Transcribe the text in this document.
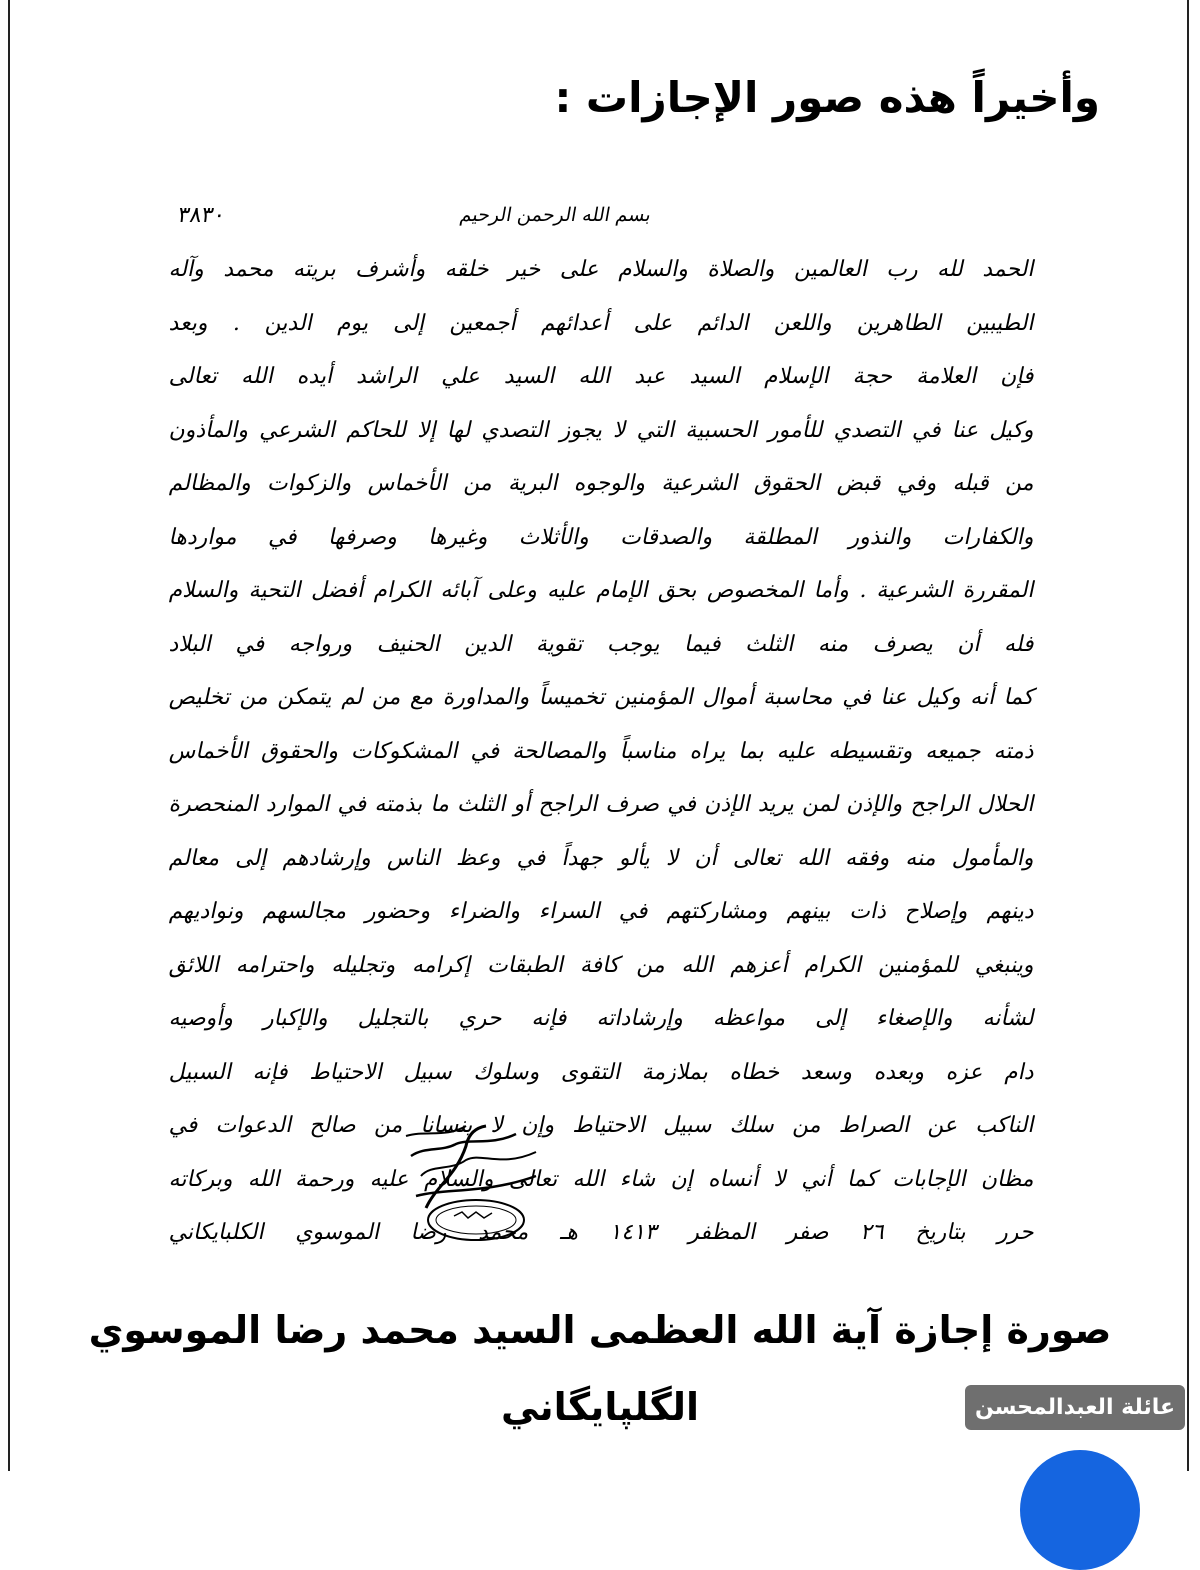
وأخيراً هذه صور الإجازات :
٣٨٣٠	بسم الله الرحمن الرحيم
الحمد لله رب العالمين والصلاة والسلام على خير خلقه وأشرف بريته محمد وآله
الطيبين الطاهرين واللعن الدائم على أعدائهم أجمعين إلى يوم الدين . وبعد
فإن العلامة حجة الإسلام السيد عبد الله السيد علي الراشد أيده الله تعالى
وكيل عنا في التصدي للأمور الحسبية التي لا يجوز التصدي لها إلا للحاكم الشرعي والمأذون
من قبله وفي قبض الحقوق الشرعية والوجوه البرية من الأخماس والزكوات والمظالم
والكفارات والنذور المطلقة والصدقات والأثلاث وغيرها وصرفها في مواردها
المقررة الشرعية . وأما المخصوص بحق الإمام عليه وعلى آبائه الكرام أفضل التحية والسلام
فله أن يصرف منه الثلث فيما يوجب تقوية الدين الحنيف ورواجه في البلاد
كما أنه وكيل عنا في محاسبة أموال المؤمنين تخميساً والمداورة مع من لم يتمكن من تخليص
ذمته جميعه وتقسيطه عليه بما يراه مناسباً والمصالحة في المشكوكات والحقوق الأخماس
الحلال الراجح والإذن لمن يريد الإذن في صرف الراجح أو الثلث ما بذمته في الموارد المنحصرة
والمأمول منه وفقه الله تعالى أن لا يألو جهداً في وعظ الناس وإرشادهم إلى معالم
دينهم وإصلاح ذات بينهم ومشاركتهم في السراء والضراء وحضور مجالسهم ونواديهم
وينبغي للمؤمنين الكرام أعزهم الله من كافة الطبقات إكرامه وتجليله واحترامه اللائق
لشأنه والإصغاء إلى مواعظه وإرشاداته فإنه حري بالتجليل والإكبار وأوصيه
دام عزه وبعده وسعد خطاه بملازمة التقوى وسلوك سبيل الاحتياط فإنه السبيل
الناكب عن الصراط من سلك سبيل الاحتياط وإن لا ينسانا من صالح الدعوات في
مظان الإجابات كما أني لا أنساه إن شاء الله تعالى والسلام عليه ورحمة الله وبركاته
حرر بتاريخ ٢٦ صفر المظفر ١٤١٣ هـ محمد رضا الموسوي الكلبايكاني
صورة إجازة آية الله العظمى السيد محمد رضا الموسوي
الگلپايگاني	عائلة العبدالمحسن
